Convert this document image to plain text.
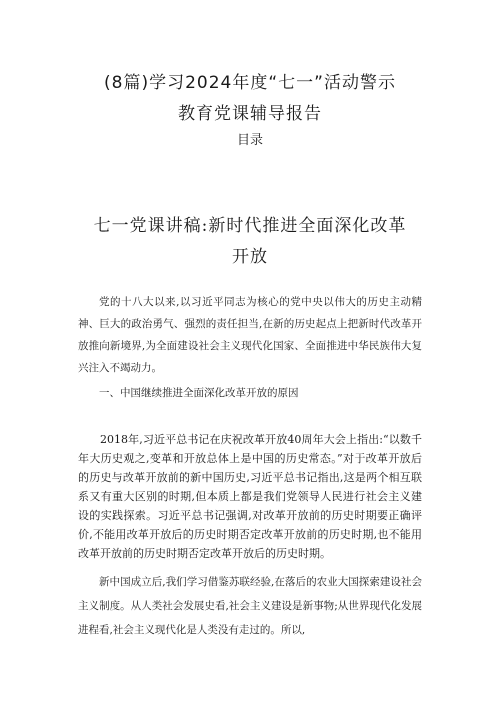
(8篇)学习2024年度“七一”活动警示
教育党课辅导报告
目录
七一党课讲稿:新时代推进全面深化改革
开放

党的十八大以来,以习近平同志为核心的党中央以伟大的历史主动精神、巨大的政治勇气、强烈的责任担当,在新的历史起点上把新时代改革开放推向新境界,为全面建设社会主义现代化国家、全面推进中华民族伟大复兴注入不竭动力。

一、中国继续推进全面深化改革开放的原因

2018年,习近平总书记在庆祝改革开放40周年大会上指出:“以数千年大历史观之,变革和开放总体上是中国的历史常态。”对于改革开放后的历史与改革开放前的新中国历史,习近平总书记指出,这是两个相互联系又有重大区别的时期,但本质上都是我们党领导人民进行社会主义建设的实践探索。习近平总书记强调,对改革开放前的历史时期要正确评价,不能用改革开放后的历史时期否定改革开放前的历史时期,也不能用改革开放前的历史时期否定改革开放后的历史时期。

新中国成立后,我们学习借鉴苏联经验,在落后的农业大国探索建设社会主义制度。从人类社会发展史看,社会主义建设是新事物;从世界现代化发展进程看,社会主义现代化是人类没有走过的。所以,
